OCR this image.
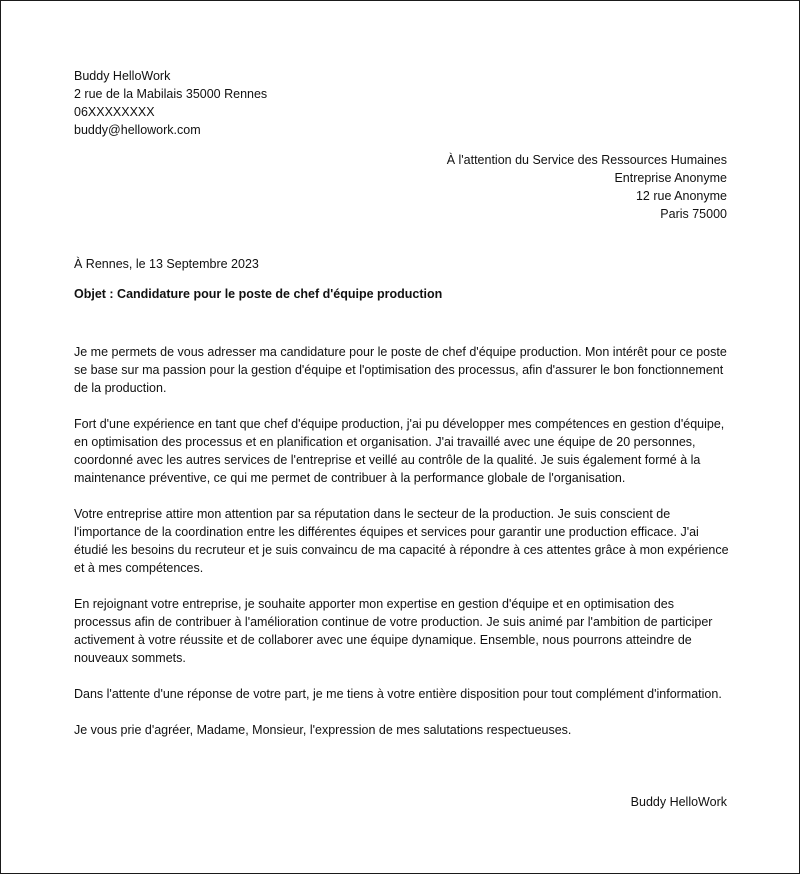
Buddy HelloWork
2 rue de la Mabilais 35000 Rennes
06XXXXXXXX
buddy@hellowork.com
À l'attention du Service des Ressources Humaines
Entreprise Anonyme
12 rue Anonyme
Paris 75000
À Rennes, le 13 Septembre 2023
Objet : Candidature pour le poste de chef d'équipe production

Je me permets de vous adresser ma candidature pour le poste de chef d'équipe production. Mon intérêt pour ce poste se base sur ma passion pour la gestion d'équipe et l'optimisation des processus, afin d'assurer le bon fonctionnement de la production.

Fort d'une expérience en tant que chef d'équipe production, j'ai pu développer mes compétences en gestion d'équipe, en optimisation des processus et en planification et organisation. J'ai travaillé avec une équipe de 20 personnes, coordonné avec les autres services de l'entreprise et veillé au contrôle de la qualité. Je suis également formé à la maintenance préventive, ce qui me permet de contribuer à la performance globale de l'organisation.

Votre entreprise attire mon attention par sa réputation dans le secteur de la production. Je suis conscient de l'importance de la coordination entre les différentes équipes et services pour garantir une production efficace. J'ai étudié les besoins du recruteur et je suis convaincu de ma capacité à répondre à ces attentes grâce à mon expérience et à mes compétences.

En rejoignant votre entreprise, je souhaite apporter mon expertise en gestion d'équipe et en optimisation des processus afin de contribuer à l'amélioration continue de votre production. Je suis animé par l'ambition de participer activement à votre réussite et de collaborer avec une équipe dynamique. Ensemble, nous pourrons atteindre de nouveaux sommets.

Dans l'attente d'une réponse de votre part, je me tiens à votre entière disposition pour tout complément d'information.

Je vous prie d'agréer, Madame, Monsieur, l'expression de mes salutations respectueuses.

Buddy HelloWork
